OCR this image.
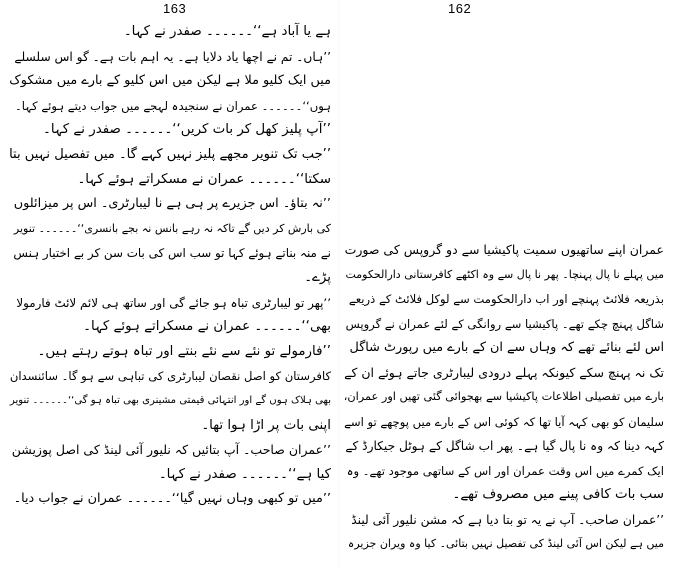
163
ہے یا آباد ہے‘‘۔۔۔۔۔۔ صفدر نے کہا۔
’’ہاں۔ تم نے اچھا یاد دلایا ہے۔ یہ اہم بات ہے۔ گو اس سلسلے
میں ایک کلیو ملا ہے لیکن میں اس کلیو کے بارے میں مشکوک
ہوں‘‘۔۔۔۔۔۔ عمران نے سنجیدہ لہجے میں جواب دیتے ہوئے کہا۔
’’آپ پلیز کھل کر بات کریں‘‘۔۔۔۔۔۔ صفدر نے کہا۔
’’جب تک تنویر مجھے پلیز نہیں کہے گا۔ میں تفصیل نہیں بتا
سکتا‘‘۔۔۔۔۔۔ عمران نے مسکراتے ہوئے کہا۔
’’نہ بتاؤ۔ اس جزیرے پر ہی ہے نا لیبارٹری۔ اس پر میزائلوں
کی بارش کر دیں گے تاکہ نہ رہے بانس نہ بجے بانسری‘‘۔۔۔۔۔۔ تنویر
نے منہ بناتے ہوئے کہا تو سب اس کی بات سن کر بے اختیار ہنس
پڑے۔
’’پھر تو لیبارٹری تباہ ہو جائے گی اور ساتھ ہی لائم لائٹ فارمولا
بھی‘‘۔۔۔۔۔۔ عمران نے مسکراتے ہوئے کہا۔
’’فارمولے تو نئے سے نئے بنتے اور تباہ ہوتے رہتے ہیں۔
کافرستان کو اصل نقصان لیبارٹری کی تباہی سے ہو گا۔ سائنسدان
بھی ہلاک ہوں گے اور انتہائی قیمتی مشینری بھی تباہ ہو گی‘‘۔۔۔۔۔۔ تنویر
اپنی بات پر اڑا ہوا تھا۔
’’عمران صاحب۔ آپ بتائیں کہ نلیور آئی لینڈ کی اصل پوزیشن
کیا ہے‘‘۔۔۔۔۔۔ صفدر نے کہا۔
’’میں تو کبھی وہاں نہیں گیا‘‘۔۔۔۔۔۔ عمران نے جواب دیا۔
162
عمران اپنے ساتھیوں سمیت پاکیشیا سے دو گروپس کی صورت
میں پہلے نا پال پہنچا۔ پھر نا پال سے وہ اکٹھے کافرستانی دارالحکومت
بذریعہ فلائٹ پہنچے اور اب دارالحکومت سے لوکل فلائٹ کے ذریعے
شاگل پہنچ چکے تھے۔ پاکیشیا سے روانگی کے لئے عمران نے گروپس
اس لئے بنائے تھے کہ وہاں سے ان کے بارے میں رپورٹ شاگل
تک نہ پہنچ سکے کیونکہ پہلے درودی لیبارٹری جاتے ہوئے ان کے
بارے میں تفصیلی اطلاعات پاکیشیا سے بھجوائی گئی تھیں اور عمران،
سلیمان کو بھی کہہ آیا تھا کہ کوئی اس کے بارے میں پوچھے تو اسے
کہہ دینا کہ وہ نا پال گیا ہے۔ پھر اب شاگل کے ہوٹل جیکارڈ کے
ایک کمرے میں اس وقت عمران اور اس کے ساتھی موجود تھے۔ وہ
سب بات کافی پینے میں مصروف تھے۔
’’عمران صاحب۔ آپ نے یہ تو بتا دیا ہے کہ مشن نلیور آئی لینڈ
میں ہے لیکن اس آئی لینڈ کی تفصیل نہیں بتائی۔ کیا وہ ویران جزیرہ
